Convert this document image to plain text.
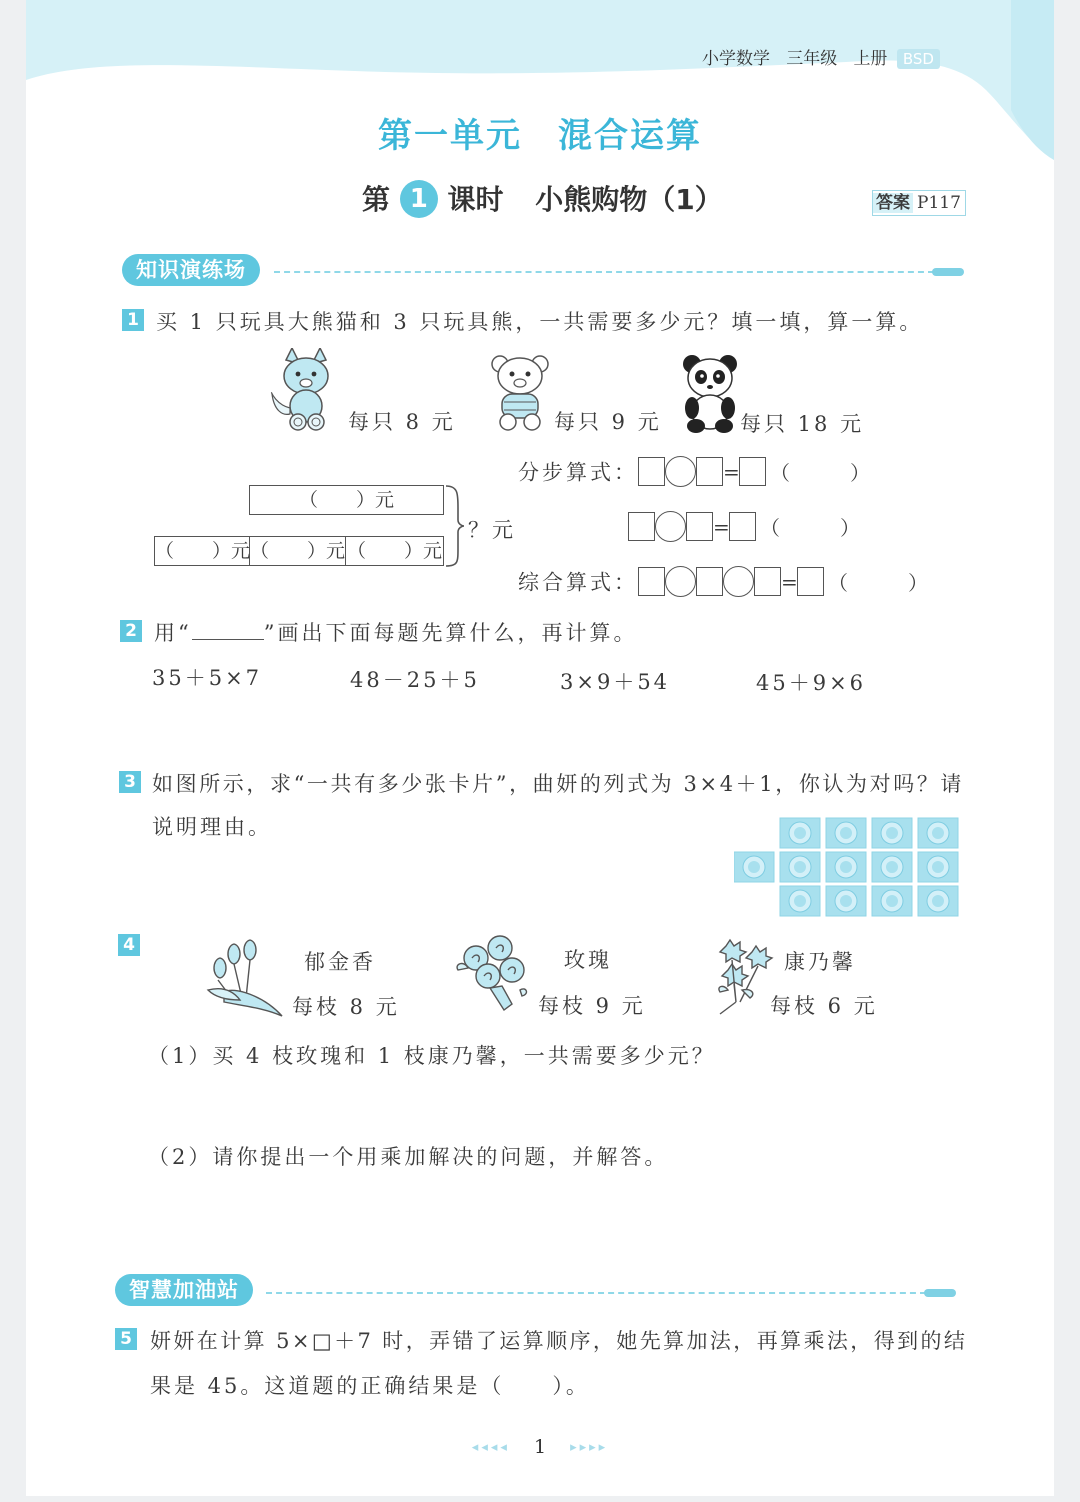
小学数学 三年级 上册 BSD
第一单元　混合运算
第 1 课时 小熊购物（1）	答案 P117
知识演练场
1 买 1 只玩具大熊猫和 3 只玩具熊，一共需要多少元？填一填，算一算。
每只 8 元	每只 9 元	每只 18 元
（　　）元
（　　）元 （　　）元 （　　）元
？元
分步算式：	= （　　　）
= （　　　）
综合算式：	= （　　　）
2 用“	”画出下面每题先算什么，再计算。
35＋5×7	48－25＋5	3×9＋54	45＋9×6
3 如图所示，求“一共有多少张卡片”，曲妍的列式为 3×4＋1，你认为对吗？请
说明理由。
4
郁金香
每枝 8 元
玫瑰
每枝 9 元
康乃馨
每枝 6 元
（1）买 4 枝玫瑰和 1 枝康乃馨，一共需要多少元？
（2）请你提出一个用乘加解决的问题，并解答。
智慧加油站
5 妍妍在计算 5×□＋7 时，弄错了运算顺序，她先算加法，再算乘法，得到的结
果是 45。这道题的正确结果是（　　）。
◂◂◂◂ 1 ▸▸▸▸
